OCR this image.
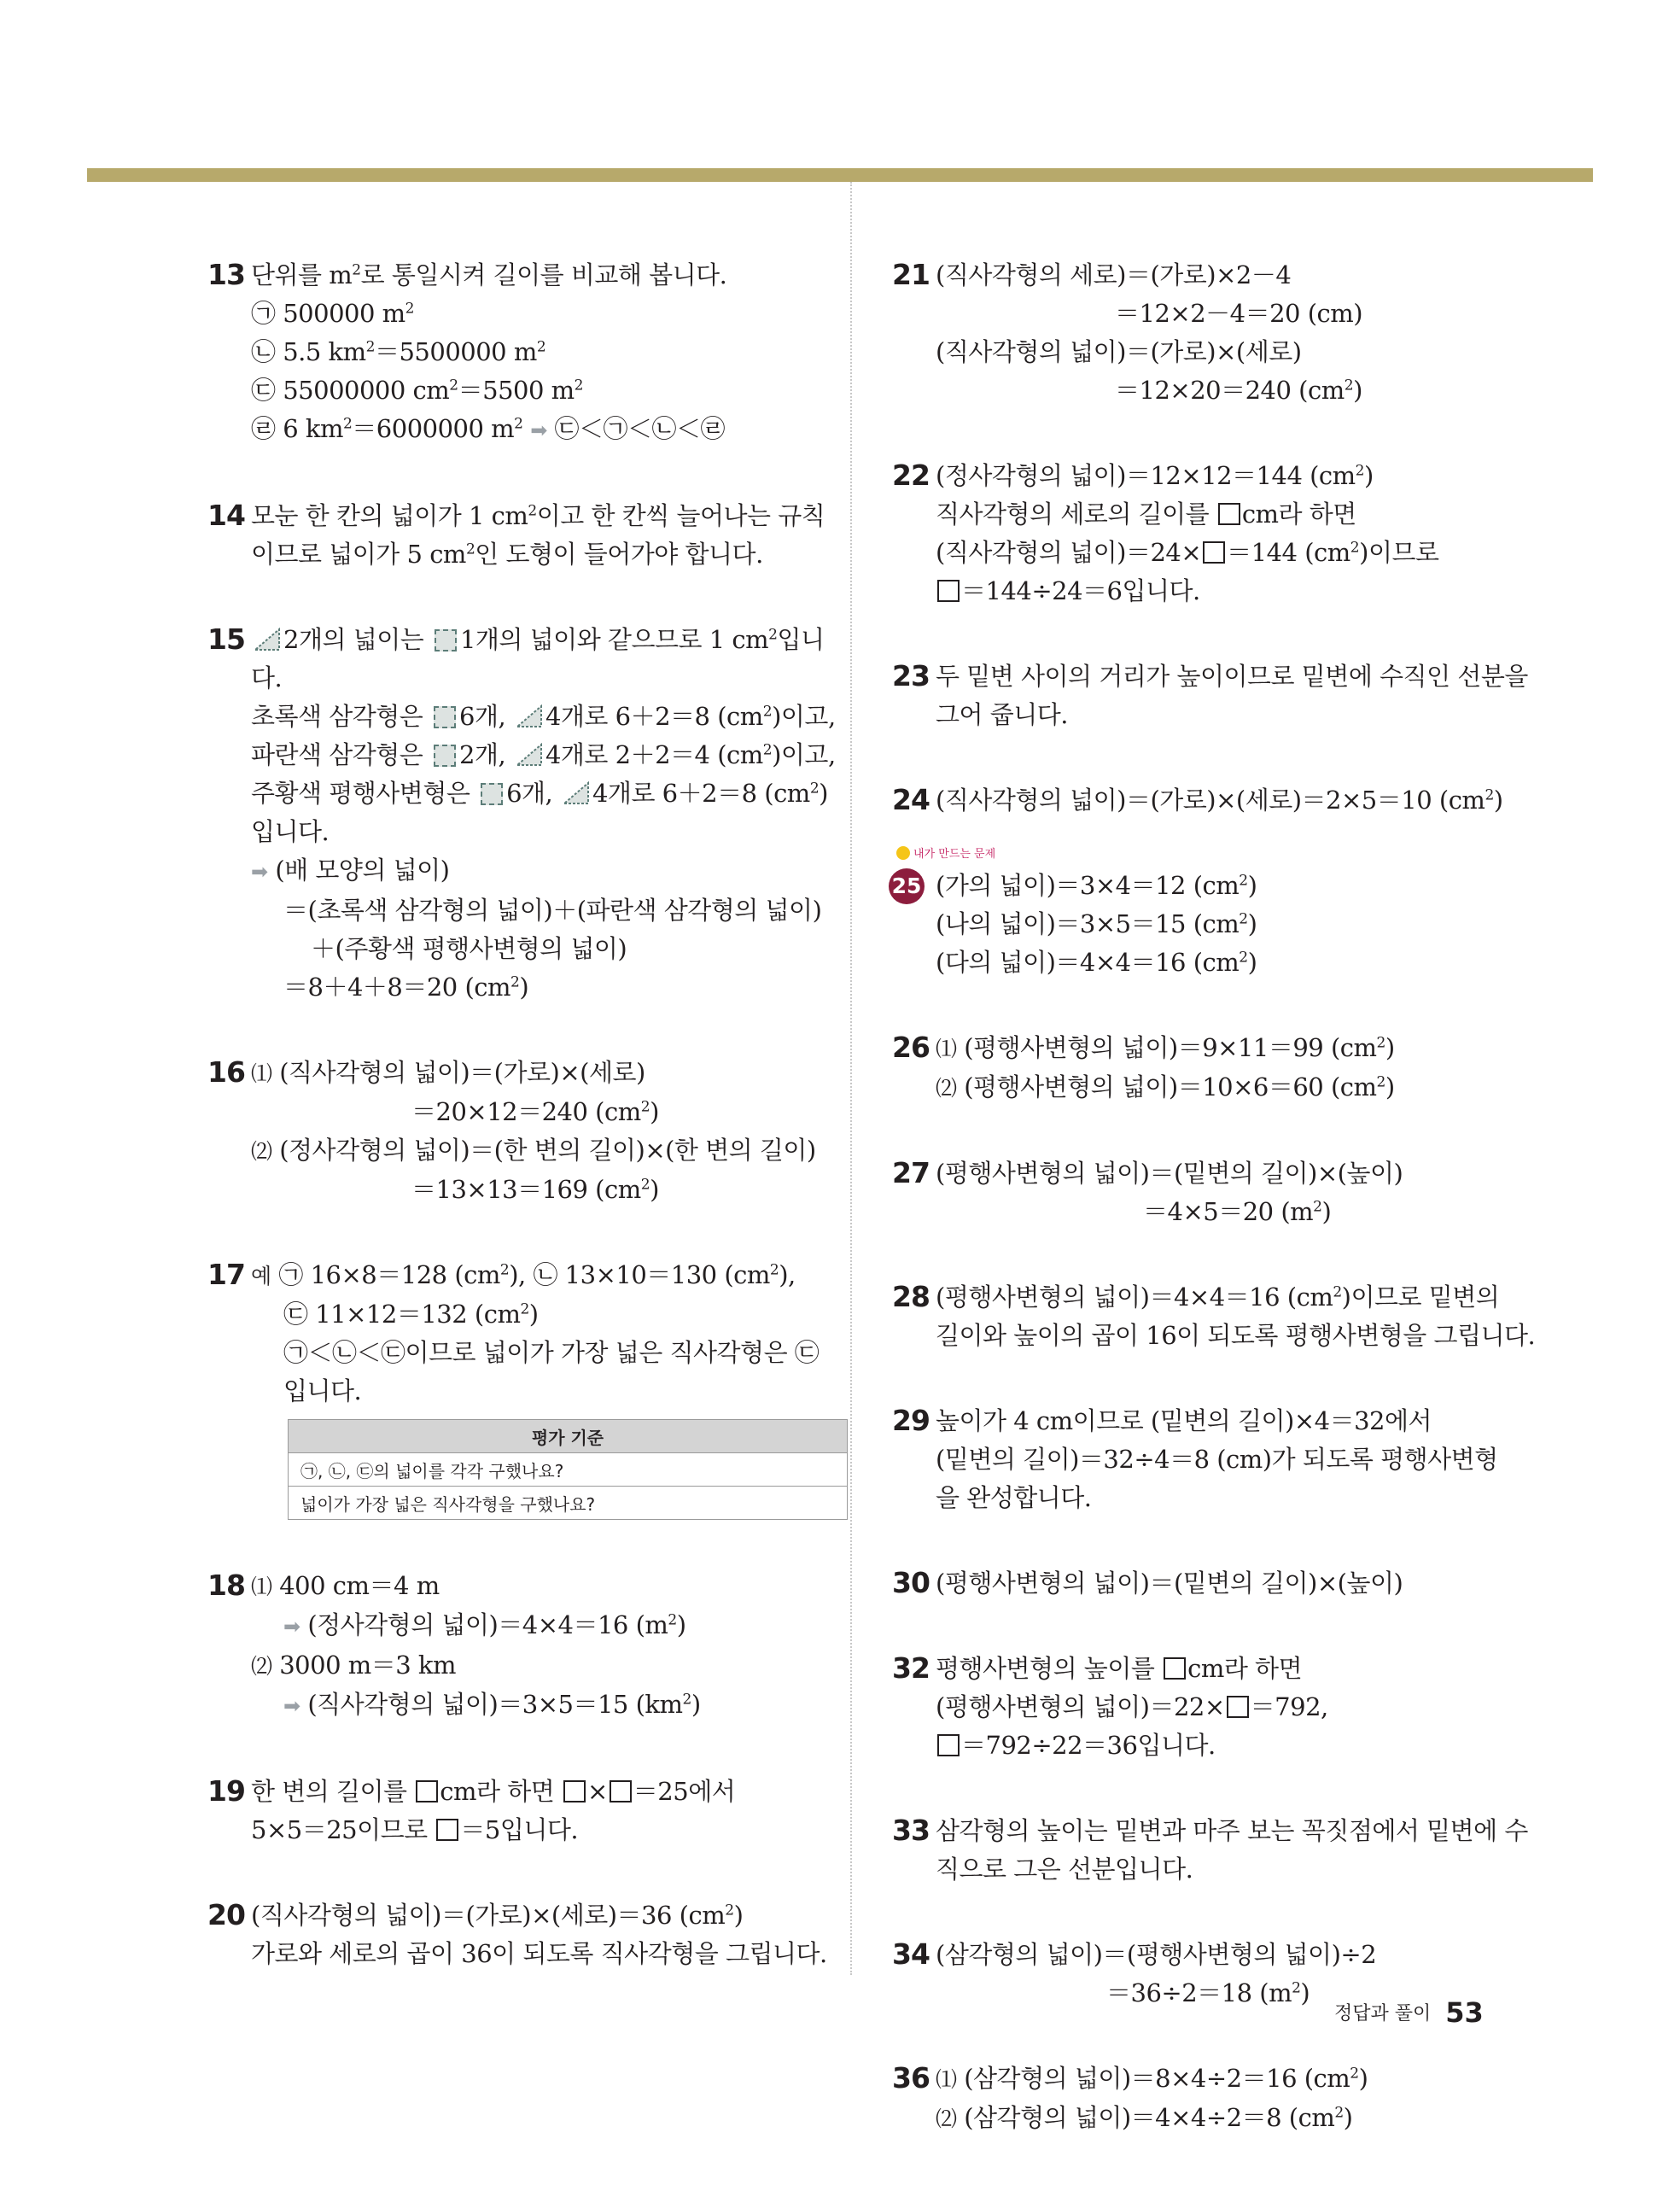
13 단위를 $m^2$로 통일시켜 길이를 비교해 봅니다.
㉠ 500000 $m^2$
㉡ 5.5 $km^2=5500000$ $m^2$
㉢ 55000000 $cm^2=5500$ $m^2$
㉣ 6 $km^2=6000000$ $m^2$ ➡ ㉢＜㉠＜㉡＜㉣
14 모눈 한 칸의 넓이가 1 $cm^2$이고 한 칸씩 늘어나는 규칙
이므로 넓이가 5 $cm^2$인 도형이 들어가야 합니다.
15	2개의 넓이는 1개의 넓이와 같으므로 1 $cm^2$입니
다.
초록색 삼각형은 6개, 4개로 6＋2＝8 $(cm^2)$이고,
파란색 삼각형은 2개, 4개로 2＋2＝4 $(cm^2)$이고,
주황색 평행사변형은 6개, 4개로 6＋2＝8 $(cm^2)$
입니다.
➡ (배 모양의 넓이)
＝(초록색 삼각형의 넓이)＋(파란색 삼각형의 넓이)
＋(주황색 평행사변형의 넓이)
＝8＋4＋8＝20 $(cm^2)$
16 ⑴ (직사각형의 넓이)＝(가로)×(세로)
＝20×12＝240 $(cm^2)$
⑵ (정사각형의 넓이)＝(한 변의 길이)×(한 변의 길이)
＝13×13＝169 $(cm^2)$
17 예 ㉠ 16×8＝128 $(cm^2)$, ㉡ 13×10＝130 $(cm^2)$,
㉢ 11×12＝132 $(cm^2)$
㉠＜㉡＜㉢이므로 넓이가 가장 넓은 직사각형은 ㉢
입니다.
평가 기준
㉠, ㉡, ㉢의 넓이를 각각 구했나요?
넓이가 가장 넓은 직사각형을 구했나요?
18 ⑴ 400 cm＝4 m
➡ (정사각형의 넓이)＝4×4＝16 $(m^2)$
⑵ 3000 m＝3 km
➡ (직사각형의 넓이)＝3×5＝15 $(km^2)$
19 한 변의 길이를 cm라 하면 × ＝25에서
5×5＝25이므로 ＝5입니다.
20 (직사각형의 넓이)＝(가로)×(세로)＝36 $(cm^2)$
가로와 세로의 곱이 36이 되도록 직사각형을 그립니다.
21 (직사각형의 세로)＝(가로)×2－4
＝12×2－4＝20 (cm)
(직사각형의 넓이)＝(가로)×(세로)
＝12×20＝240 $(cm^2)$
22 (정사각형의 넓이)＝12×12＝144 $(cm^2)$
직사각형의 세로의 길이를 cm라 하면
(직사각형의 넓이)＝24× ＝144 $(cm^2)$이므로
＝144÷24＝6입니다.
23 두 밑변 사이의 거리가 높이이므로 밑변에 수직인 선분을
그어 줍니다.
24 (직사각형의 넓이)＝(가로)×(세로)＝2×5＝10 $(cm^2)$
내가 만드는 문제
25 (가의 넓이)＝3×4＝12 $(cm^2)$
(나의 넓이)＝3×5＝15 $(cm^2)$
(다의 넓이)＝4×4＝16 $(cm^2)$
26 ⑴ (평행사변형의 넓이)＝9×11＝99 $(cm^2)$
⑵ (평행사변형의 넓이)＝10×6＝60 $(cm^2)$
27 (평행사변형의 넓이)＝(밑변의 길이)×(높이)
＝4×5＝20 $(m^2)$
28 (평행사변형의 넓이)＝4×4＝16 $(cm^2)$이므로 밑변의
길이와 높이의 곱이 16이 되도록 평행사변형을 그립니다.
29 높이가 4 cm이므로 (밑변의 길이)×4＝32에서
(밑변의 길이)＝32÷4＝8 (cm)가 되도록 평행사변형
을 완성합니다.
30 (평행사변형의 넓이)＝(밑변의 길이)×(높이)
32 평행사변형의 높이를 cm라 하면
(평행사변형의 넓이)＝22× ＝792,
＝792÷22＝36입니다.
33 삼각형의 높이는 밑변과 마주 보는 꼭짓점에서 밑변에 수
직으로 그은 선분입니다.
34 (삼각형의 넓이)＝(평행사변형의 넓이)÷2
＝36÷2＝18 $(m^2)$
36 ⑴ (삼각형의 넓이)＝8×4÷2＝16 $(cm^2)$
⑵ (삼각형의 넓이)＝4×4÷2＝8 $(cm^2)$
정답과 풀이 53
